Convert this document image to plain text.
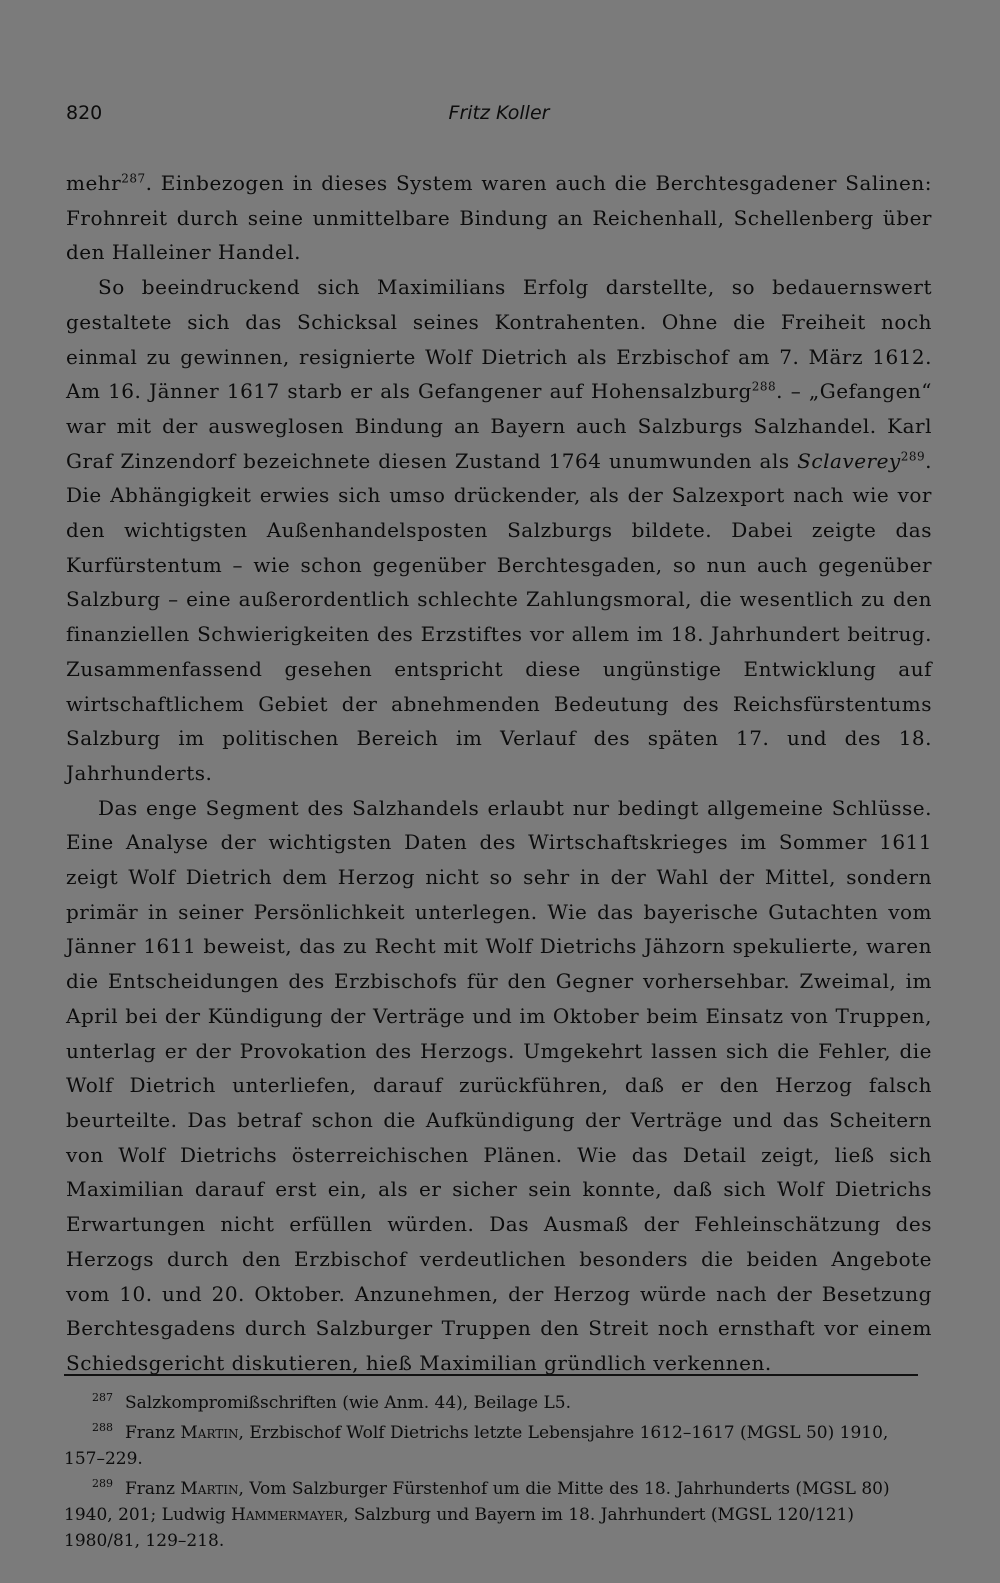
820	Fritz Koller

mehr$^{287}$. Einbezogen in dieses System waren auch die Berchtesgadener Salinen: Frohnreit durch seine unmittelbare Bindung an Reichenhall, Schellenberg über den Halleiner Handel.

So beeindruckend sich Maximilians Erfolg darstellte, so bedauernswert gestaltete sich das Schicksal seines Kontrahenten. Ohne die Freiheit noch einmal zu gewinnen, resignierte Wolf Dietrich als Erzbischof am 7. März 1612. Am 16. Jänner 1617 starb er als Gefangener auf Hohensalzburg$^{288}$. – „Gefangen“ war mit der ausweglosen Bindung an Bayern auch Salzburgs Salzhandel. Karl Graf Zinzendorf bezeichnete diesen Zustand 1764 unumwunden als Sclaverey$^{289}$. Die Abhängigkeit erwies sich umso drückender, als der Salzexport nach wie vor den wichtigsten Außenhandelsposten Salzburgs bildete. Dabei zeigte das Kurfürstentum – wie schon gegenüber Berchtesgaden, so nun auch gegenüber Salzburg – eine außerordentlich schlechte Zahlungsmoral, die wesentlich zu den finanziellen Schwierigkeiten des Erzstiftes vor allem im 18. Jahrhundert beitrug. Zusammenfassend gesehen entspricht diese ungünstige Entwicklung auf wirtschaftlichem Gebiet der abnehmenden Bedeutung des Reichsfürstentums Salzburg im politischen Bereich im Verlauf des späten 17. und des 18. Jahrhunderts.

Das enge Segment des Salzhandels erlaubt nur bedingt allgemeine Schlüsse. Eine Analyse der wichtigsten Daten des Wirtschaftskrieges im Sommer 1611 zeigt Wolf Dietrich dem Herzog nicht so sehr in der Wahl der Mittel, sondern primär in seiner Persönlichkeit unterlegen. Wie das bayerische Gutachten vom Jänner 1611 beweist, das zu Recht mit Wolf Dietrichs Jähzorn spekulierte, waren die Entscheidungen des Erzbischofs für den Gegner vorhersehbar. Zweimal, im April bei der Kündigung der Verträge und im Oktober beim Einsatz von Truppen, unterlag er der Provokation des Herzogs. Umgekehrt lassen sich die Fehler, die Wolf Dietrich unterliefen, darauf zurückführen, daß er den Herzog falsch beurteilte. Das betraf schon die Aufkündigung der Verträge und das Scheitern von Wolf Dietrichs österreichischen Plänen. Wie das Detail zeigt, ließ sich Maximilian darauf erst ein, als er sicher sein konnte, daß sich Wolf Dietrichs Erwartungen nicht erfüllen würden. Das Ausmaß der Fehleinschätzung des Herzogs durch den Erzbischof verdeutlichen besonders die beiden Angebote vom 10. und 20. Oktober. Anzunehmen, der Herzog würde nach der Besetzung Berchtesgadens durch Salzburger Truppen den Streit noch ernsthaft vor einem Schiedsgericht diskutieren, hieß Maximilian gründlich verkennen.

$^{287}$ Salzkompromißschriften (wie Anm. 44), Beilage L5.

$^{288}$ Franz Martin, Erzbischof Wolf Dietrichs letzte Lebensjahre 1612–1617 (MGSL 50) 1910, 157–229.

$^{289}$ Franz Martin, Vom Salzburger Fürstenhof um die Mitte des 18. Jahrhunderts (MGSL 80) 1940, 201; Ludwig Hammermayer, Salzburg und Bayern im 18. Jahrhundert (MGSL 120/121) 1980/81, 129–218.
